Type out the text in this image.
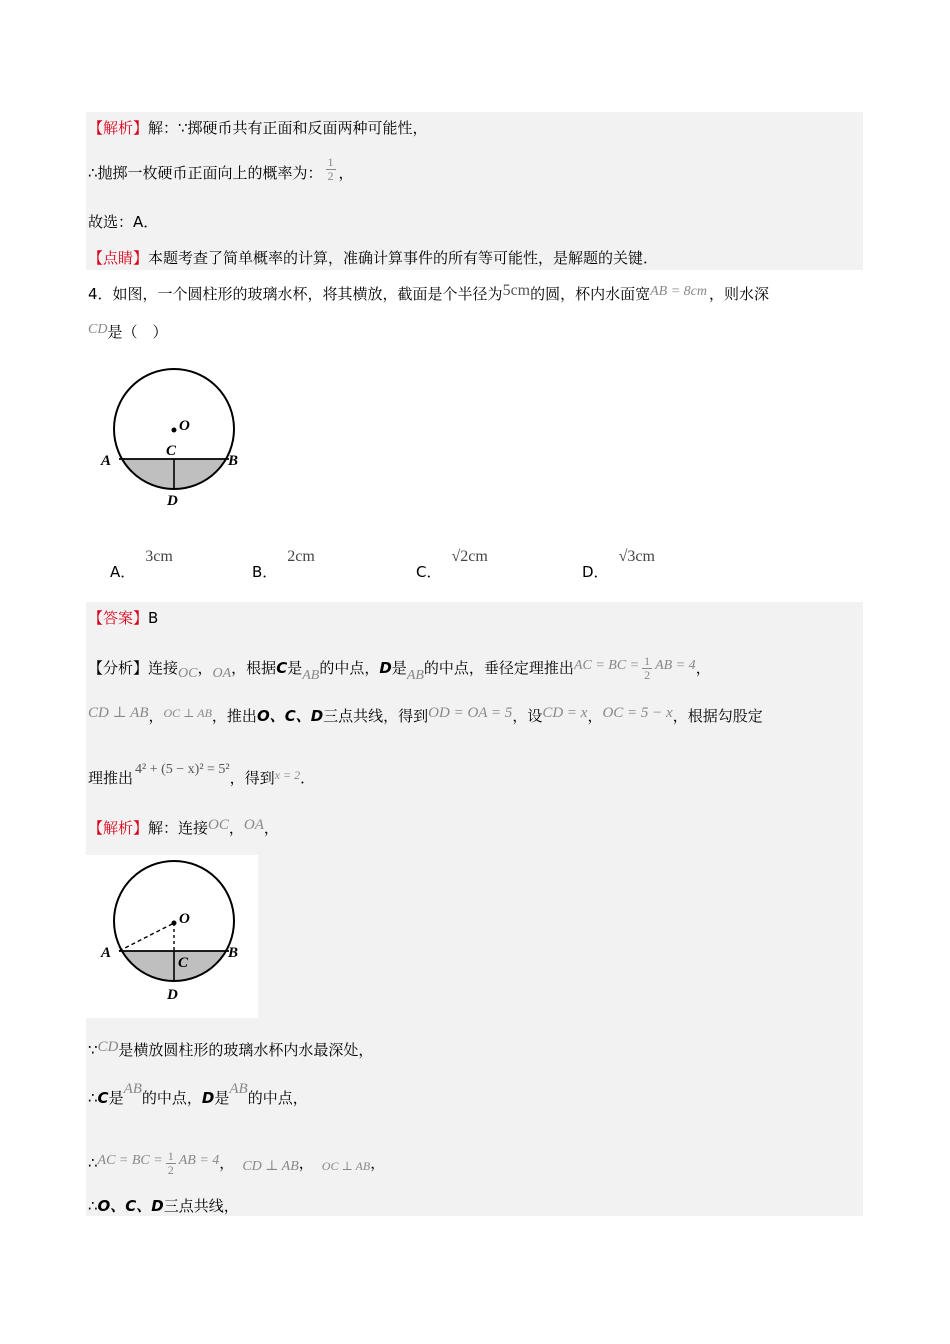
【解析】解：∵掷硬币共有正面和反面两种可能性，
∴抛掷一枚硬币正面向上的概率为： $\frac{1}{2}$ ，
故选：A．
【点睛】本题考查了简单概率的计算，准确计算事件的所有等可能性，是解题的关键．
4．如图，一个圆柱形的玻璃水杯，将其横放，截面是个半径为5cm的圆，杯内水面宽AB = 8cm ，则水深
CD是（　）
O
C
A	B
D
A．3cm
B．2cm
C．√2cm
D．√3cm
【答案】B
【分析】连接OC，OA，根据C是AB的中点，D是AB的中点，垂径定理推出AC = BC = $\frac{1}{2}$ AB = 4，
CD ⊥ AB，$^{OC \perp AB}$，推出O、C、D三点共线，得到OD = OA = 5，设CD = x，OC = 5 − x，根据勾股定
理推出 4² + (5 − x)² = 5²，得到$^{x = 2}$．
【解析】解：连接OC，OA，
O
C
A	B
D
∵CD是横放圆柱形的玻璃水杯内水最深处，
∴C是AB的中点，D是AB的中点，
∴AC = BC = $\frac{1}{2}$ AB = 4， CD ⊥ AB， OC ⊥ AB，
∴O、C、D三点共线，
